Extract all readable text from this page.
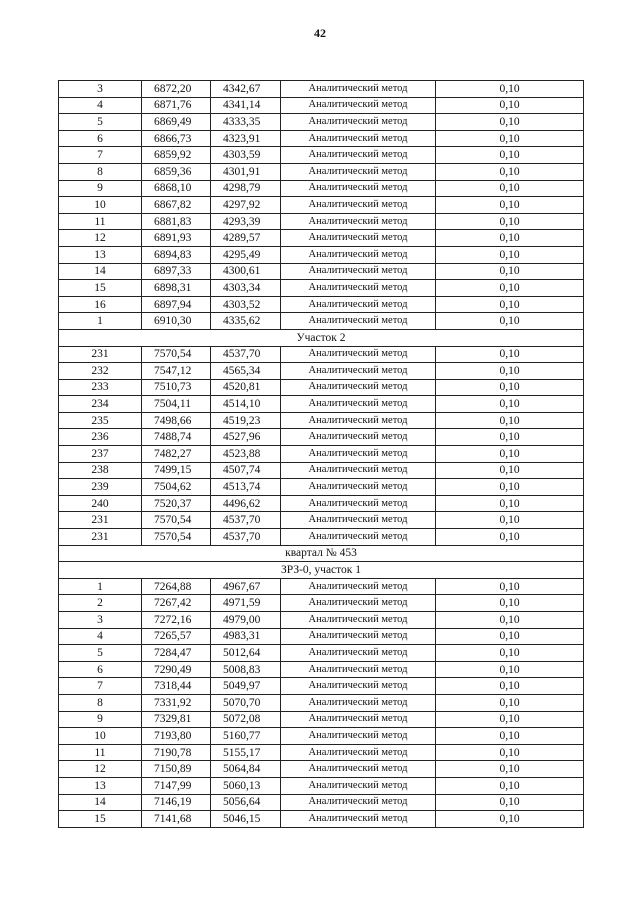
42
3	6872,20	4342,67	Аналитический метод	0,10
4	6871,76	4341,14	Аналитический метод	0,10
5	6869,49	4333,35	Аналитический метод	0,10
6	6866,73	4323,91	Аналитический метод	0,10
7	6859,92	4303,59	Аналитический метод	0,10
8	6859,36	4301,91	Аналитический метод	0,10
9	6868,10	4298,79	Аналитический метод	0,10
10	6867,82	4297,92	Аналитический метод	0,10
11	6881,83	4293,39	Аналитический метод	0,10
12	6891,93	4289,57	Аналитический метод	0,10
13	6894,83	4295,49	Аналитический метод	0,10
14	6897,33	4300,61	Аналитический метод	0,10
15	6898,31	4303,34	Аналитический метод	0,10
16	6897,94	4303,52	Аналитический метод	0,10
1	6910,30	4335,62	Аналитический метод	0,10
Участок 2				
231	7570,54	4537,70	Аналитический метод	0,10
232	7547,12	4565,34	Аналитический метод	0,10
233	7510,73	4520,81	Аналитический метод	0,10
234	7504,11	4514,10	Аналитический метод	0,10
235	7498,66	4519,23	Аналитический метод	0,10
236	7488,74	4527,96	Аналитический метод	0,10
237	7482,27	4523,88	Аналитический метод	0,10
238	7499,15	4507,74	Аналитический метод	0,10
239	7504,62	4513,74	Аналитический метод	0,10
240	7520,37	4496,62	Аналитический метод	0,10
231	7570,54	4537,70	Аналитический метод	0,10
231	7570,54	4537,70	Аналитический метод	0,10
квартал № 453				
ЗРЗ-0, участок 1				
1	7264,88	4967,67	Аналитический метод	0,10
2	7267,42	4971,59	Аналитический метод	0,10
3	7272,16	4979,00	Аналитический метод	0,10
4	7265,57	4983,31	Аналитический метод	0,10
5	7284,47	5012,64	Аналитический метод	0,10
6	7290,49	5008,83	Аналитический метод	0,10
7	7318,44	5049,97	Аналитический метод	0,10
8	7331,92	5070,70	Аналитический метод	0,10
9	7329,81	5072,08	Аналитический метод	0,10
10	7193,80	5160,77	Аналитический метод	0,10
11	7190,78	5155,17	Аналитический метод	0,10
12	7150,89	5064,84	Аналитический метод	0,10
13	7147,99	5060,13	Аналитический метод	0,10
14	7146,19	5056,64	Аналитический метод	0,10
15	7141,68	5046,15	Аналитический метод	0,10
